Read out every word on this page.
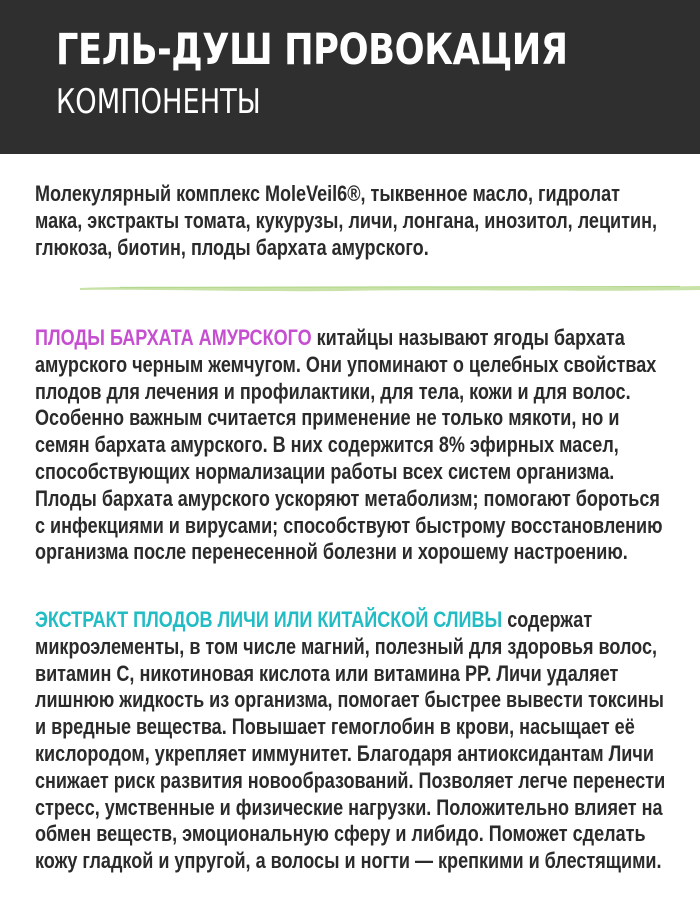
ГЕЛЬ-ДУШ ПРОВОКАЦИЯ
КОМПОНЕНТЫ

Молекулярный комплекс MoleVeil6®, тыквенное масло, гидролат мака, экстракты томата, кукурузы, личи, лонгана, инозитол, лецитин, глюкоза, биотин, плоды бархата амурского.

ПЛОДЫ БАРХАТА АМУРСКОГО китайцы называют ягоды бархата амурского черным жемчугом. Они упоминают о целебных свойствах плодов для лечения и профилактики, для тела, кожи и для волос. Особенно важным считается применение не только мякоти, но и семян бархата амурского. В них содержится 8% эфирных масел, способствующих нормализации работы всех систем организма. Плоды бархата амурского ускоряют метаболизм; помогают бороться с инфекциями и вирусами; способствуют быстрому восстановлению организма после перенесенной болезни и хорошему настроению.

ЭКСТРАКТ ПЛОДОВ ЛИЧИ ИЛИ КИТАЙСКОЙ СЛИВЫ содержат микроэлементы, в том числе магний, полезный для здоровья волос, витамин С, никотиновая кислота или витамина РР. Личи удаляет лишнюю жидкость из организма, помогает быстрее вывести токсины и вредные вещества. Повышает гемоглобин в крови, насыщает её кислородом, укрепляет иммунитет. Благодаря антиоксидантам Личи снижает риск развития новообразований. Позволяет легче перенести стресс, умственные и физические нагрузки. Положительно влияет на обмен веществ, эмоциональную сферу и либидо. Поможет сделать кожу гладкой и упругой, а волосы и ногти — крепкими и блестящими.
